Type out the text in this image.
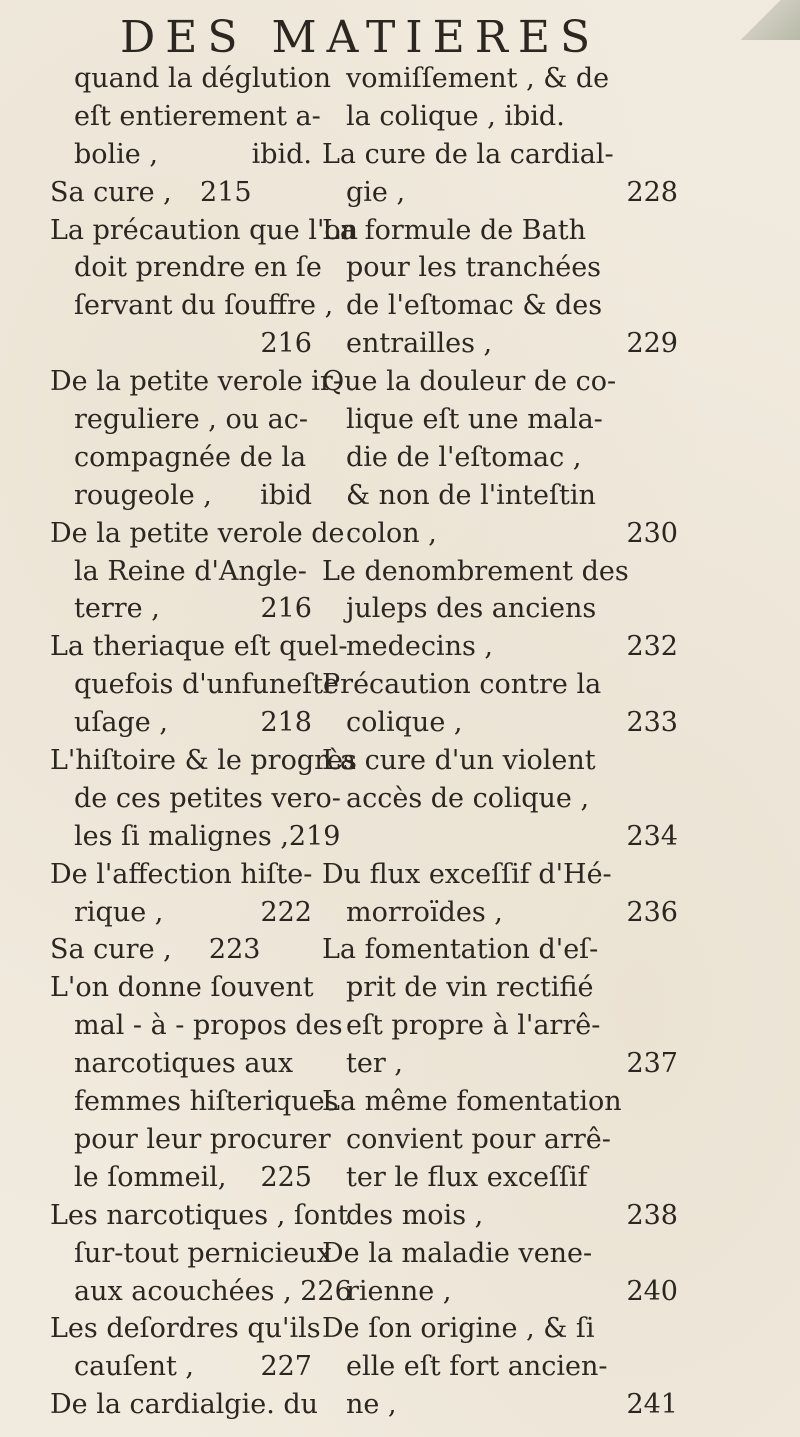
DES MATIERES
quand la déglution
eſt entierement a-
bolie ,	ibid.
Sa cure , 215
La précaution que l'on
doit prendre en ſe
ſervant du ſouffre ,
216
De la petite verole ir-
reguliere , ou ac-
compagnée de la
rougeole , ibid
De la petite verole de
la Reine d'Angle-
terre ,	216
La theriaque eſt quel-
quefois d'unfuneſte
uſage ,	218
L'hiſtoire & le progrès
de ces petites vero-
les ſi malignes ,219
De l'affection hiſte-
rique ,	222
Sa cure , 223
L'on donne ſouvent
mal - à - propos des
narcotiques aux
femmes hiſteriques
pour leur procurer
le ſommeil, 225
Les narcotiques , ſont
ſur-tout pernicieux
aux acouchées , 226
Les deſordres qu'ils
cauſent , 227
De la cardialgie. du
vomiſſement , & de
la colique , ibid.
La cure de la cardial-
gie ,	228
La formule de Bath
pour les tranchées
de l'eſtomac & des
entrailles ,	229
Que la douleur de co-
lique eſt une mala-
die de l'eſtomac ,
& non de l'inteſtin
colon ,	230
Le denombrement des
juleps des anciens
medecins ,	232
Précaution contre la
colique ,	233
La cure d'un violent
accès de colique ,
234
Du flux exceſſif d'Hé-
morroïdes ,	236
La fomentation d'eſ-
prit de vin rectifié
eſt propre à l'arrê-
ter ,	237
La même fomentation
convient pour arrê-
ter le flux exceſſif
des mois ,	238
De la maladie vene-
rienne ,	240
De ſon origine , & ſi
elle eſt fort ancien-
ne ,	241
